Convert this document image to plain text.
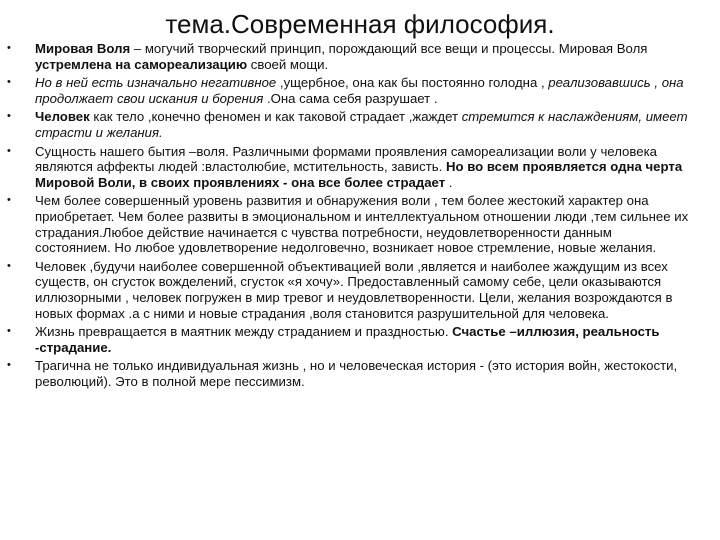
тема.Современная философия.
• Мировая Воля – могучий творческий принцип, порождающий все вещи и процессы. Мировая Воля устремлена на самореализацию своей мощи.
• Но в ней есть изначально негативное ,ущербное, она как бы постоянно голодна , реализовавшись , она продолжает свои искания и борения .Она сама себя разрушает .
• Человек как тело ,конечно феномен и как таковой страдает ,жаждет стремится к наслаждениям, имеет страсти и желания.
• Сущность нашего бытия –воля. Различными формами проявления самореализации воли у человека являются аффекты людей :властолюбие, мстительность, зависть. Но во всем проявляется одна черта Мировой Воли, в своих проявлениях - она все более страдает .
• Чем более совершенный уровень развития и обнаружения воли , тем более жестокий характер она приобретает. Чем более развиты в эмоциональном и интеллектуальном отношении люди ,тем сильнее их страдания.Любое действие начинается с чувства потребности, неудовлетворенности данным состоянием. Но любое удовлетворение недолговечно, возникает новое стремление, новые желания.
• Человек ,будучи наиболее совершенной объективацией воли ,является и наиболее жаждущим из всех существ, он сгусток вожделений, сгусток «я хочу». Предоставленный самому себе, цели оказываются иллюзорными , человек погружен в мир тревог и неудовлетворенности. Цели, желания возрождаются в новых формах .а с ними и новые страдания ,воля становится разрушительной для человека.
• Жизнь превращается в маятник между страданием и праздностью. Счастье –иллюзия, реальность -страдание.
• Трагична не только индивидуальная жизнь , но и человеческая история - (это история войн, жестокости, революций). Это в полной мере пессимизм.
